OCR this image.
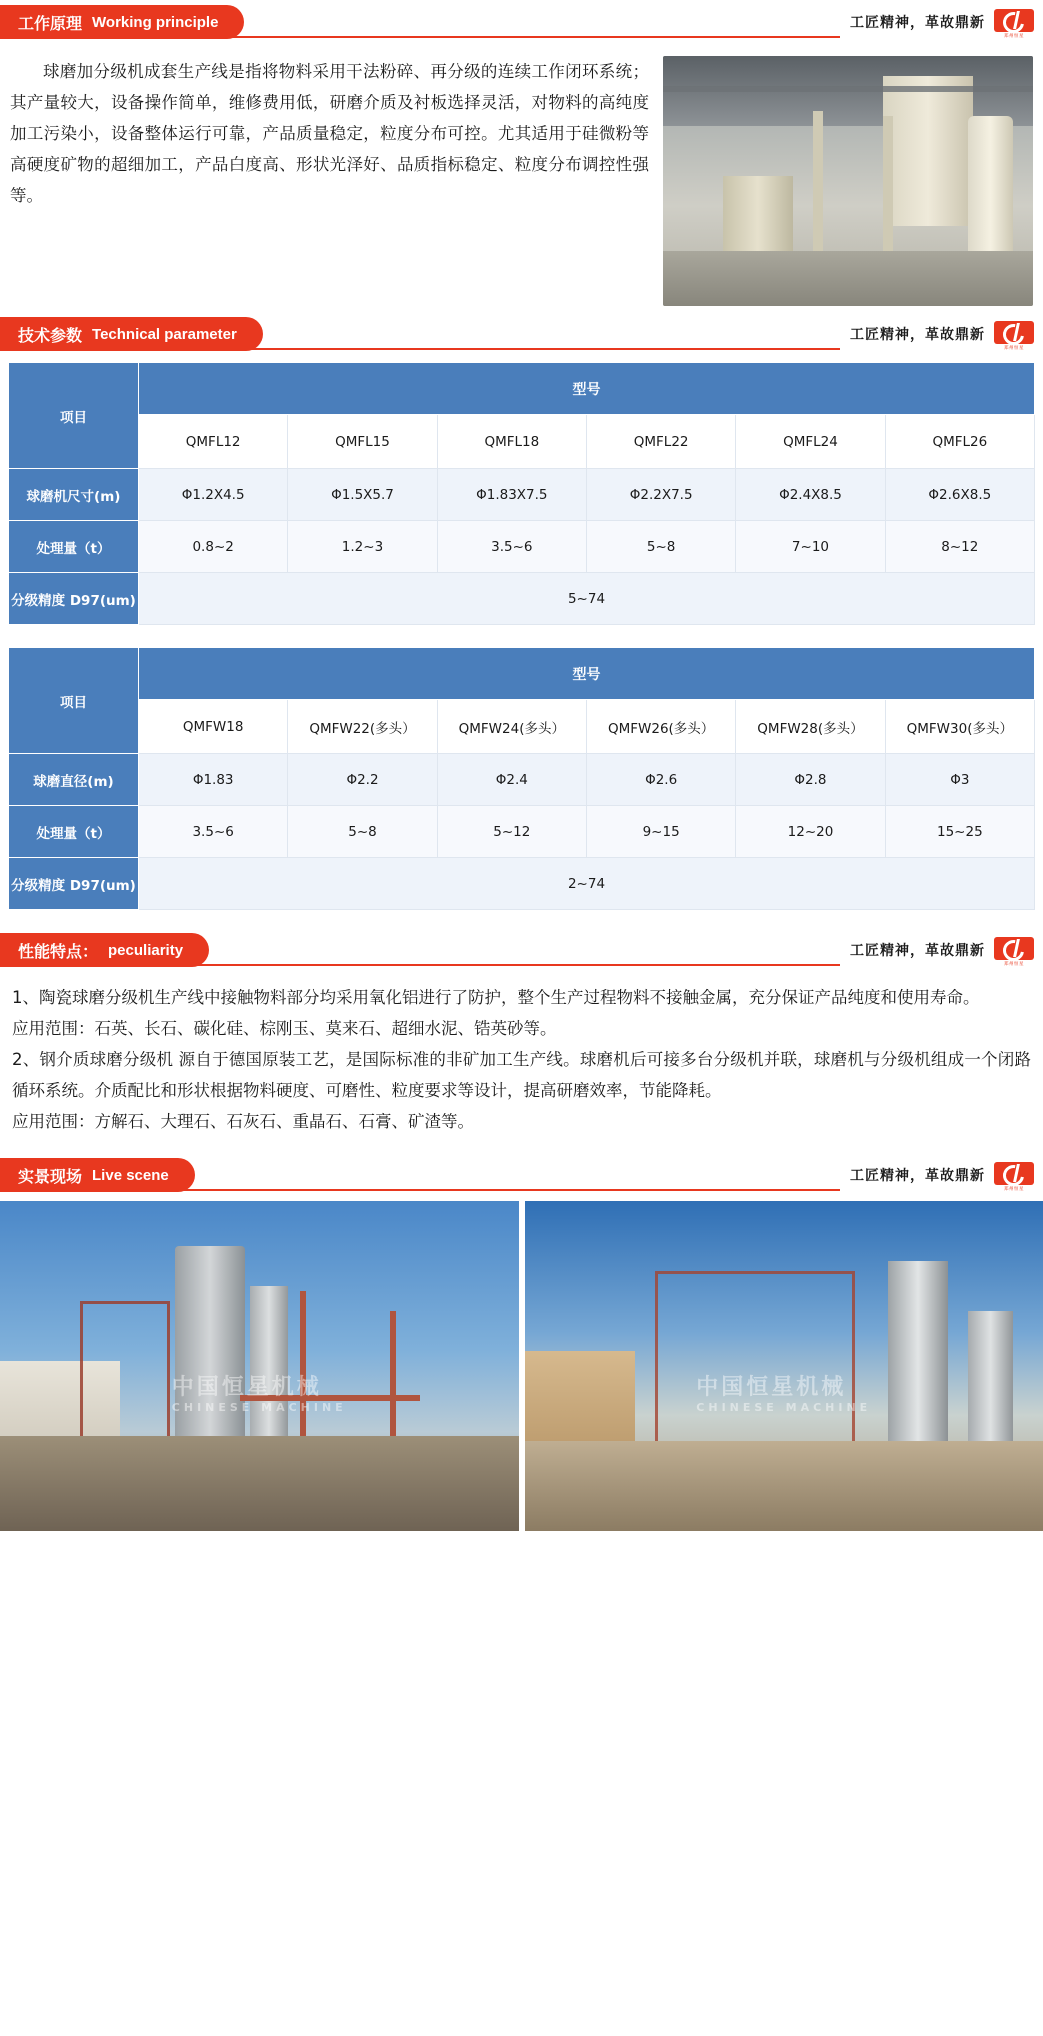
工作原理 Working principle	工匠精神，革故鼎新
郑州恒星
球磨加分级机成套生产线是指将物料采用干法粉碎、再分级的连续工作闭环系统；其产量较大，设备操作简单，维修费用低，研磨介质及衬板选择灵活，对物料的高纯度加工污染小，设备整体运行可靠，产品质量稳定，粒度分布可控。尤其适用于硅微粉等高硬度矿物的超细加工，产品白度高、形状光泽好、品质指标稳定、粒度分布调控性强等。
技术参数 Technical parameter	工匠精神，革故鼎新
郑州恒星
项目	型号					
	QMFL12	QMFL15	QMFL18	QMFL22	QMFL24	QMFL26
球磨机尺寸(m)	Φ1.2X4.5	Φ1.5X5.7	Φ1.83X7.5	Φ2.2X7.5	Φ2.4X8.5	Φ2.6X8.5
处理量（t）	0.8~2	1.2~3	3.5~6	5~8	7~10	8~12
分级精度 D97(um)	5~74					
项目	型号					
	QMFW18	QMFW22(多头）	QMFW24(多头）	QMFW26(多头）	QMFW28(多头）	QMFW30(多头）
球磨直径(m)	Φ1.83	Φ2.2	Φ2.4	Φ2.6	Φ2.8	Φ3
处理量（t）	3.5~6	5~8	5~12	9~15	12~20	15~25
分级精度 D97(um)	2~74					
性能特点： peculiarity	工匠精神，革故鼎新
郑州恒星

1、陶瓷球磨分级机生产线中接触物料部分均采用氧化铝进行了防护，整个生产过程物料不接触金属，充分保证产品纯度和使用寿命。

应用范围：石英、长石、碳化硅、棕刚玉、莫来石、超细水泥、锆英砂等。

2、钢介质球磨分级机 源自于德国原装工艺，是国际标准的非矿加工生产线。球磨机后可接多台分级机并联，球磨机与分级机组成一个闭路循环系统。介质配比和形状根据物料硬度、可磨性、粒度要求等设计，提高研磨效率，节能降耗。

应用范围：方解石、大理石、石灰石、重晶石、石膏、矿渣等。

实景现场 Live scene	工匠精神，革故鼎新
郑州恒星
中国恒星机械
CHINESE MACHINE
中国恒星机械
CHINESE MACHINE
